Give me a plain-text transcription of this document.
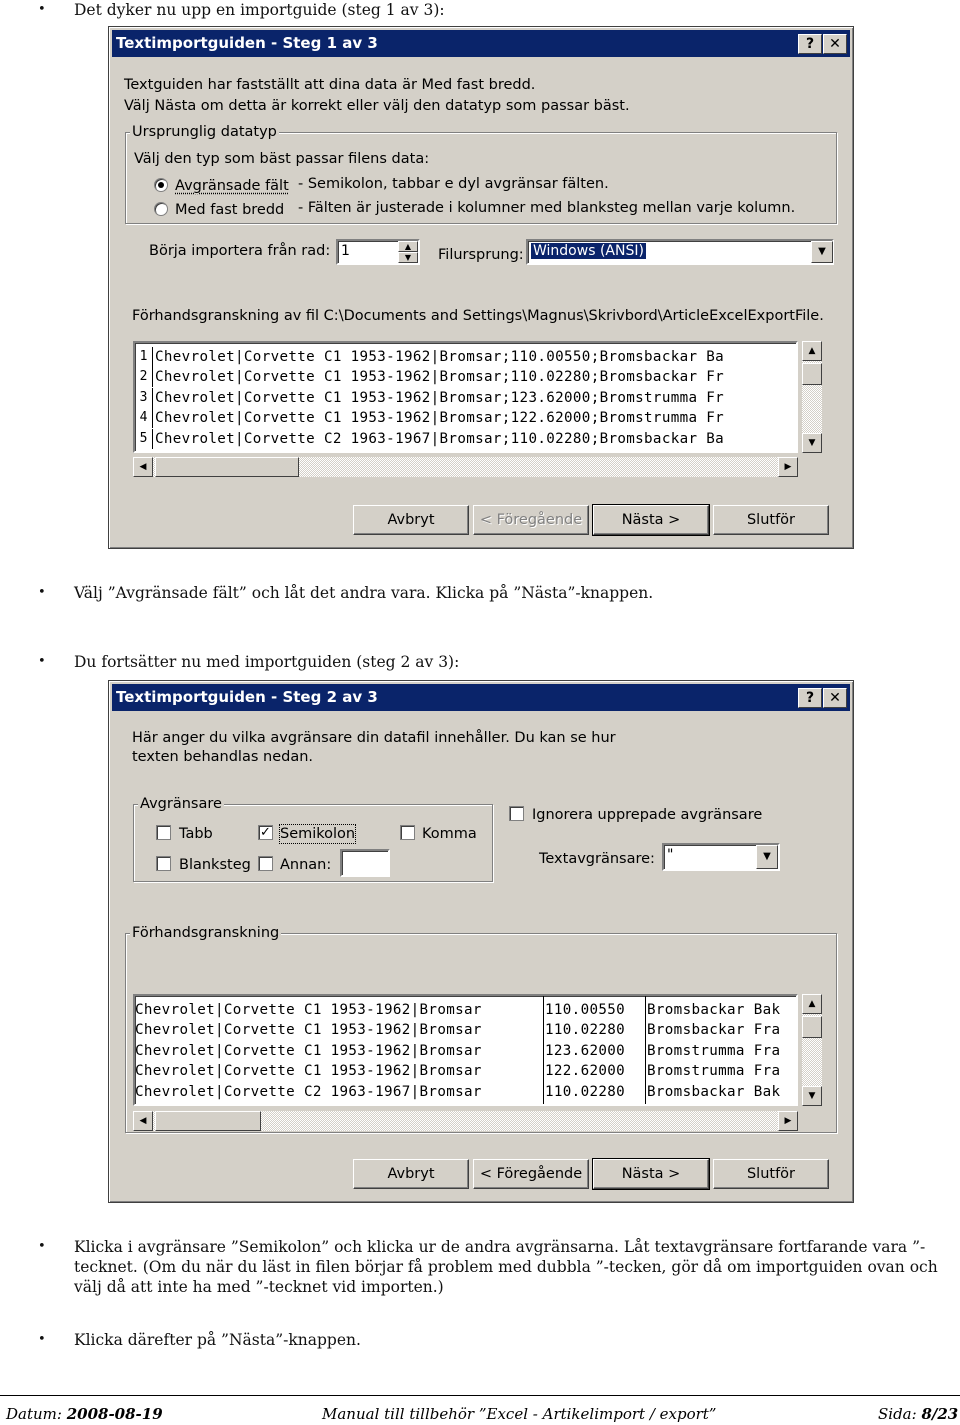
• Det dyker nu upp en importguide (steg 1 av 3):
Textimportguiden - Steg 1 av 3	?	✕
Textguiden har fastställt att dina data är Med fast bredd.
Välj Nästa om detta är korrekt eller välj den datatyp som passar bäst.
Ursprunglig datatyp
Välj den typ som bäst passar filens data:
Avgränsade fält - Semikolon, tabbar e dyl avgränsar fälten.
Med fast bredd - Fälten är justerade i kolumner med blanksteg mellan varje kolumn.
Börja importera från rad: 1	▲
▼	Filursprung: Windows (ANSI)	▼
Förhandsgranskning av fil C:\Documents and Settings\Magnus\Skrivbord\ArticleExcelExportFile.
1 Chevrolet|Corvette C1 1953-1962|Bromsar;110.00550;Bromsbackar Ba
2 Chevrolet|Corvette C1 1953-1962|Bromsar;110.02280;Bromsbackar Fr
3 Chevrolet|Corvette C1 1953-1962|Bromsar;123.62000;Bromstrumma Fr
4 Chevrolet|Corvette C1 1953-1962|Bromsar;122.62000;Bromstrumma Fr
5 Chevrolet|Corvette C2 1963-1967|Bromsar;110.02280;Bromsbackar Ba
▲
▼
◀	▶
Avbryt	< Föregående	Nästa >	Slutför
• Välj ”Avgränsade fält” och låt det andra vara. Klicka på ”Nästa”-knappen.
• Du fortsätter nu med importguiden (steg 2 av 3):
Textimportguiden - Steg 2 av 3	?	✕
Här anger du vilka avgränsare din datafil innehåller. Du kan se hur
texten behandlas nedan.
Avgränsare
Tabb	✓ Semikolon	Komma
Blanksteg Annan:
Ignorera upprepade avgränsare
Textavgränsare: "	▼
Förhandsgranskning
Chevrolet|Corvette C1 1953-1962|Bromsar	110.00550 Bromsbackar Bak
Chevrolet|Corvette C1 1953-1962|Bromsar	110.02280 Bromsbackar Fra
Chevrolet|Corvette C1 1953-1962|Bromsar	123.62000 Bromstrumma Fra
Chevrolet|Corvette C1 1953-1962|Bromsar	122.62000 Bromstrumma Fra
Chevrolet|Corvette C2 1963-1967|Bromsar	110.02280 Bromsbackar Bak
▲
▼
◀	▶
Avbryt	< Föregående	Nästa >	Slutför
• Klicka i avgränsare ”Semikolon” och klicka ur de andra avgränsarna. Låt textavgränsare fortfarande vara ”-tecknet. (Om du när du läst in filen börjar få problem med dubbla ”-tecken, gör då om importguiden ovan och välj då att inte ha med ”-tecknet vid importen.)
• Klicka därefter på ”Nästa”-knappen.
Datum: 2008-08-19	Manual till tillbehör ”Excel - Artikelimport / export”	Sida: 8/23
